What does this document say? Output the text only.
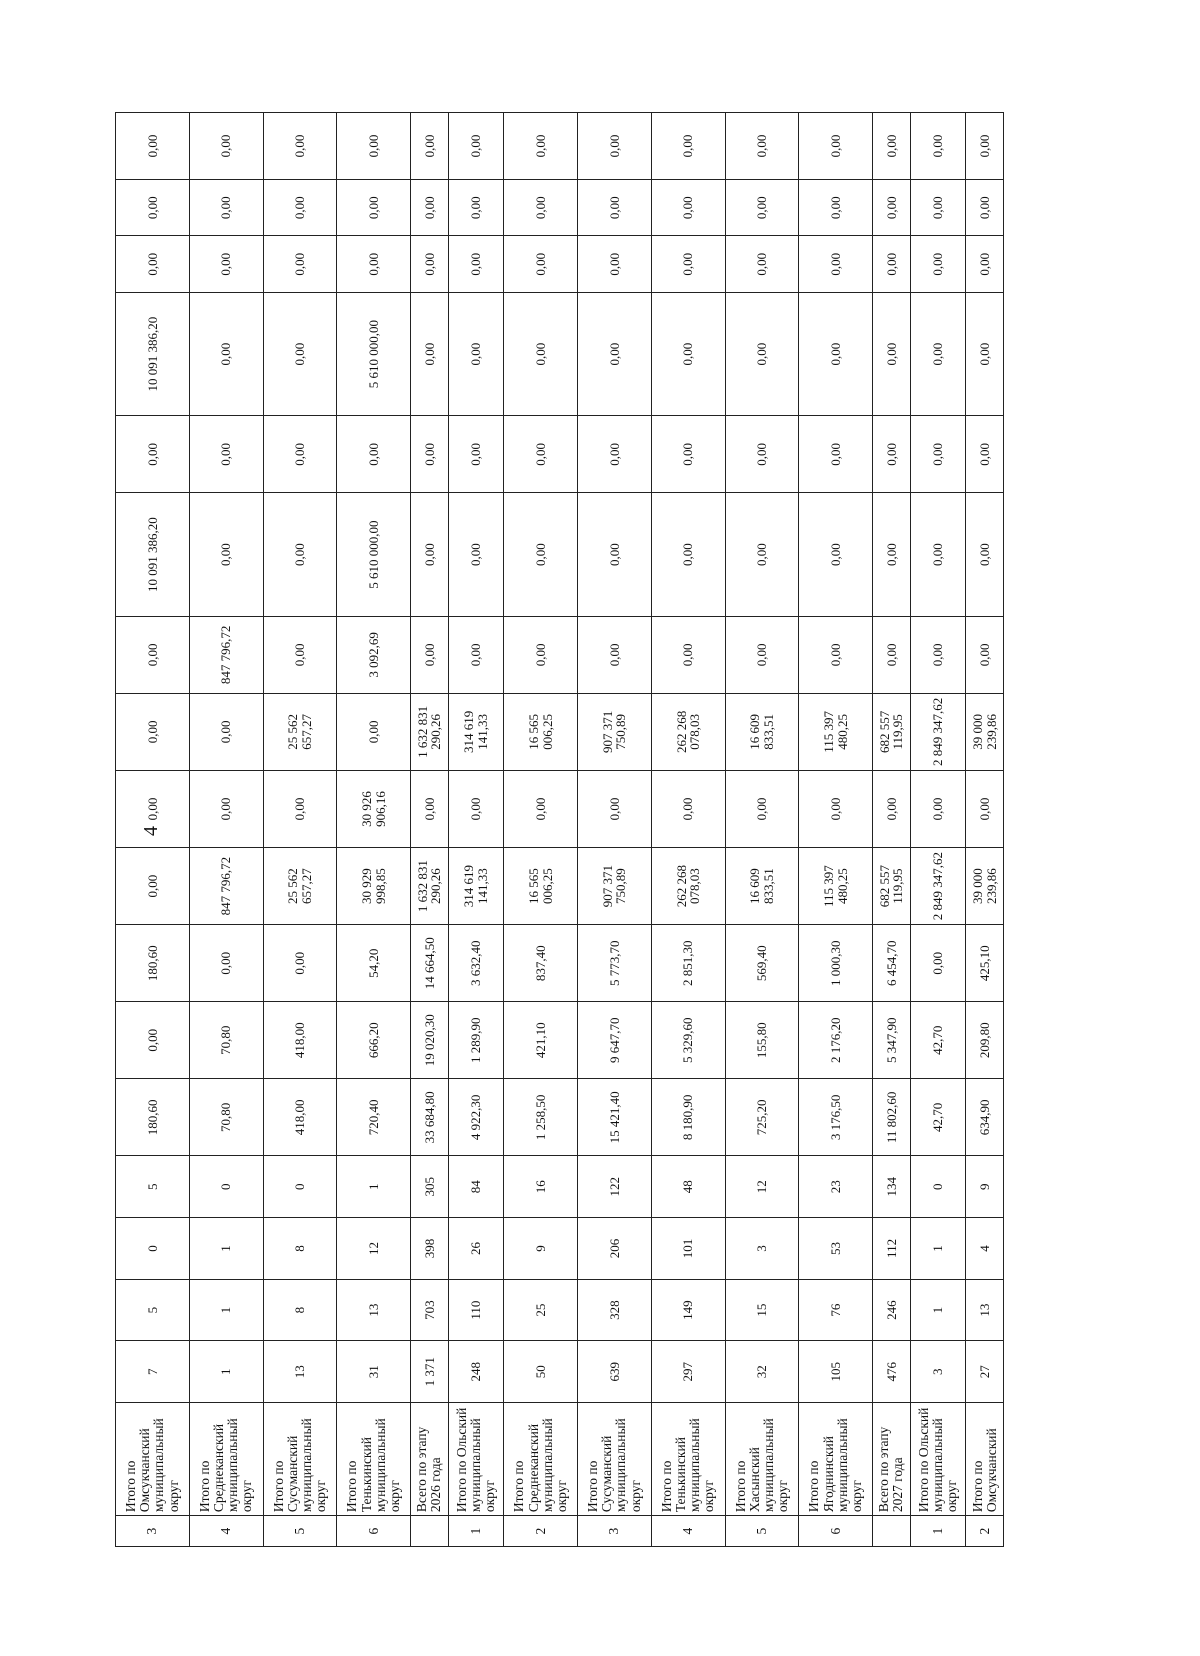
4
3	Итого по Омсукчанский муниципальный округ	7	5	0	5	180,60	0,00	180,60	0,00	0,00	0,00	0,00	10 091 386,20	0,00	10 091 386,20	0,00	0,00	0,00
4	Итого по Среднеканский муниципальный округ	1	1	1	0	70,80	70,80	0,00	847 796,72	0,00	0,00	847 796,72	0,00	0,00	0,00	0,00	0,00	0,00
5	Итого по Сусуманский муниципальный округ	13	8	8	0	418,00	418,00	0,00	25 562 657,27	0,00	25 562 657,27	0,00	0,00	0,00	0,00	0,00	0,00	0,00
6	Итого по Тенькинский муниципальный округ	31	13	12	1	720,40	666,20	54,20	30 929 998,85	30 926 906,16	0,00	3 092,69	5 610 000,00	0,00	5 610 000,00	0,00	0,00	0,00
	Всего по этапу 2026 года	1 371	703	398	305	33 684,80	19 020,30	14 664,50	1 632 831 290,26	0,00	1 632 831 290,26	0,00	0,00	0,00	0,00	0,00	0,00	0,00
1	Итого по Ольский муниципальный округ	248	110	26	84	4 922,30	1 289,90	3 632,40	314 619 141,33	0,00	314 619 141,33	0,00	0,00	0,00	0,00	0,00	0,00	0,00
2	Итого по Среднеканский муниципальный округ	50	25	9	16	1 258,50	421,10	837,40	16 565 006,25	0,00	16 565 006,25	0,00	0,00	0,00	0,00	0,00	0,00	0,00
3	Итого по Сусуманский муниципальный округ	639	328	206	122	15 421,40	9 647,70	5 773,70	907 371 750,89	0,00	907 371 750,89	0,00	0,00	0,00	0,00	0,00	0,00	0,00
4	Итого по Тенькинский муниципальный округ	297	149	101	48	8 180,90	5 329,60	2 851,30	262 268 078,03	0,00	262 268 078,03	0,00	0,00	0,00	0,00	0,00	0,00	0,00
5	Итого по Хасынский муниципальный округ	32	15	3	12	725,20	155,80	569,40	16 609 833,51	0,00	16 609 833,51	0,00	0,00	0,00	0,00	0,00	0,00	0,00
6	Итого по Ягоднинский муниципальный округ	105	76	53	23	3 176,50	2 176,20	1 000,30	115 397 480,25	0,00	115 397 480,25	0,00	0,00	0,00	0,00	0,00	0,00	0,00
	Всего по этапу 2027 года	476	246	112	134	11 802,60	5 347,90	6 454,70	682 557 119,95	0,00	682 557 119,95	0,00	0,00	0,00	0,00	0,00	0,00	0,00
1	Итого по Ольский муниципальный округ	3	1	1	0	42,70	42,70	0,00	2 849 347,62	0,00	2 849 347,62	0,00	0,00	0,00	0,00	0,00	0,00	0,00
2	Итого по Омсукчанский	27	13	4	9	634,90	209,80	425,10	39 000 239,86	0,00	39 000 239,86	0,00	0,00	0,00	0,00	0,00	0,00	0,00
